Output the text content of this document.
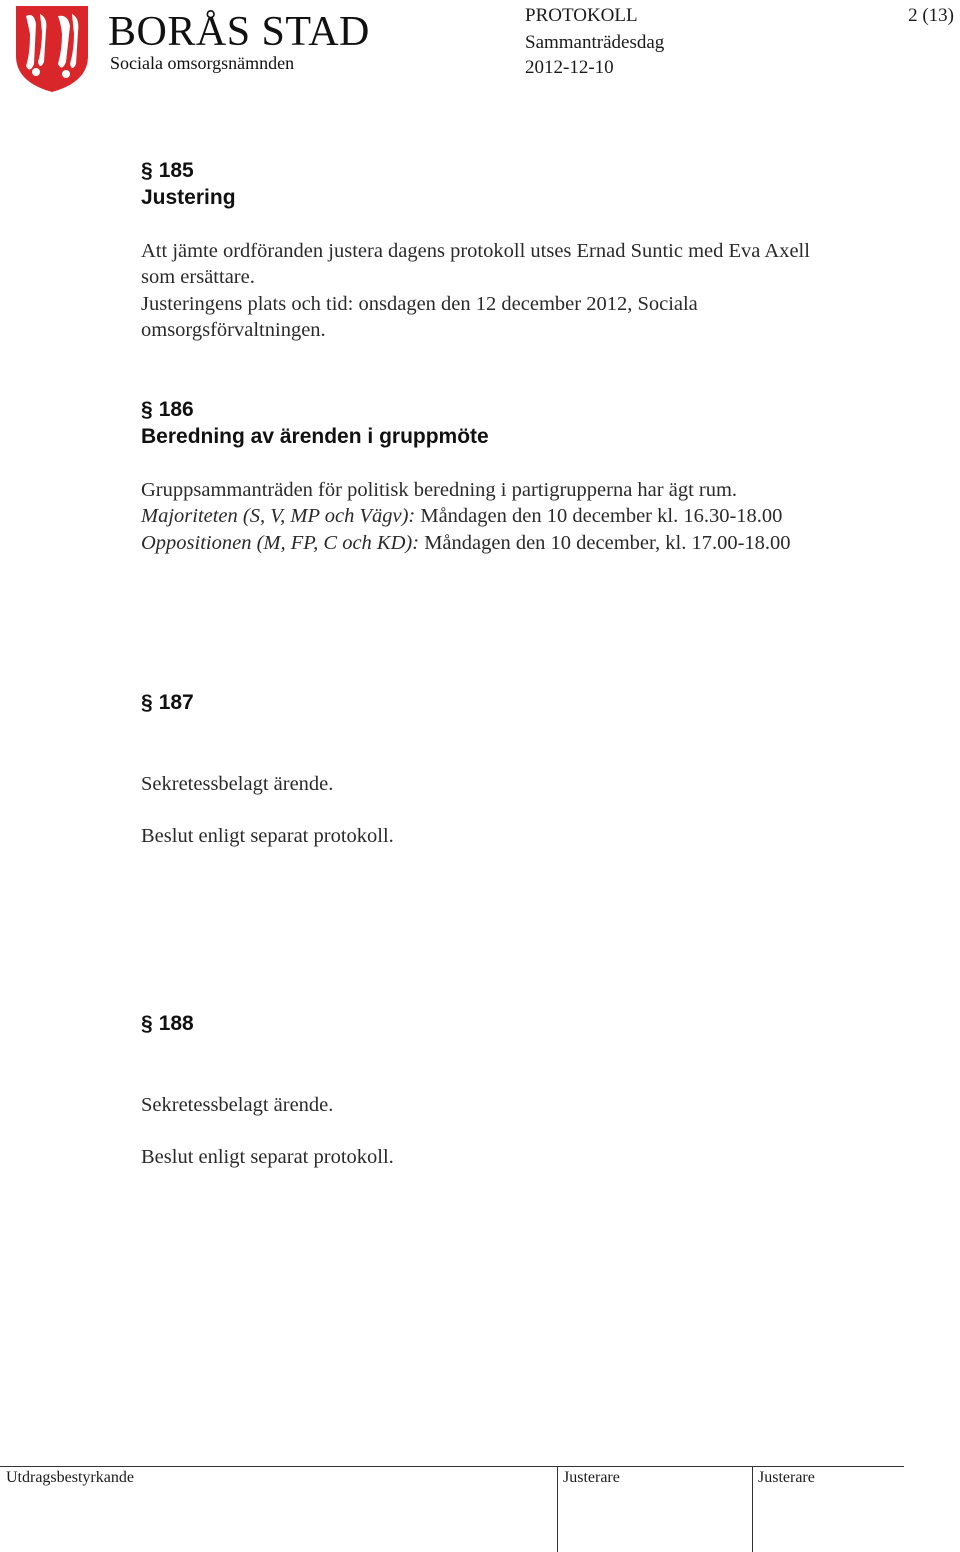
BORÅS STAD
Sociala omsorgsnämnden
PROTOKOLL
Sammanträdesdag
2012-12-10
2 (13)
§ 185
Justering
Att jämte ordföranden justera dagens protokoll utses Ernad Suntic med Eva Axell
som ersättare.
Justeringens plats och tid: onsdagen den 12 december 2012, Sociala
omsorgsförvaltningen.
§ 186
Beredning av ärenden i gruppmöte
Gruppsammanträden för politisk beredning i partigrupperna har ägt rum.
Majoriteten (S, V, MP och Vägv): Måndagen den 10 december kl. 16.30-18.00
Oppositionen (M, FP, C och KD): Måndagen den 10 december, kl. 17.00-18.00
§ 187
Sekretessbelagt ärende.
Beslut enligt separat protokoll.
§ 188
Sekretessbelagt ärende.
Beslut enligt separat protokoll.
Utdragsbestyrkande	Justerare	Justerare
